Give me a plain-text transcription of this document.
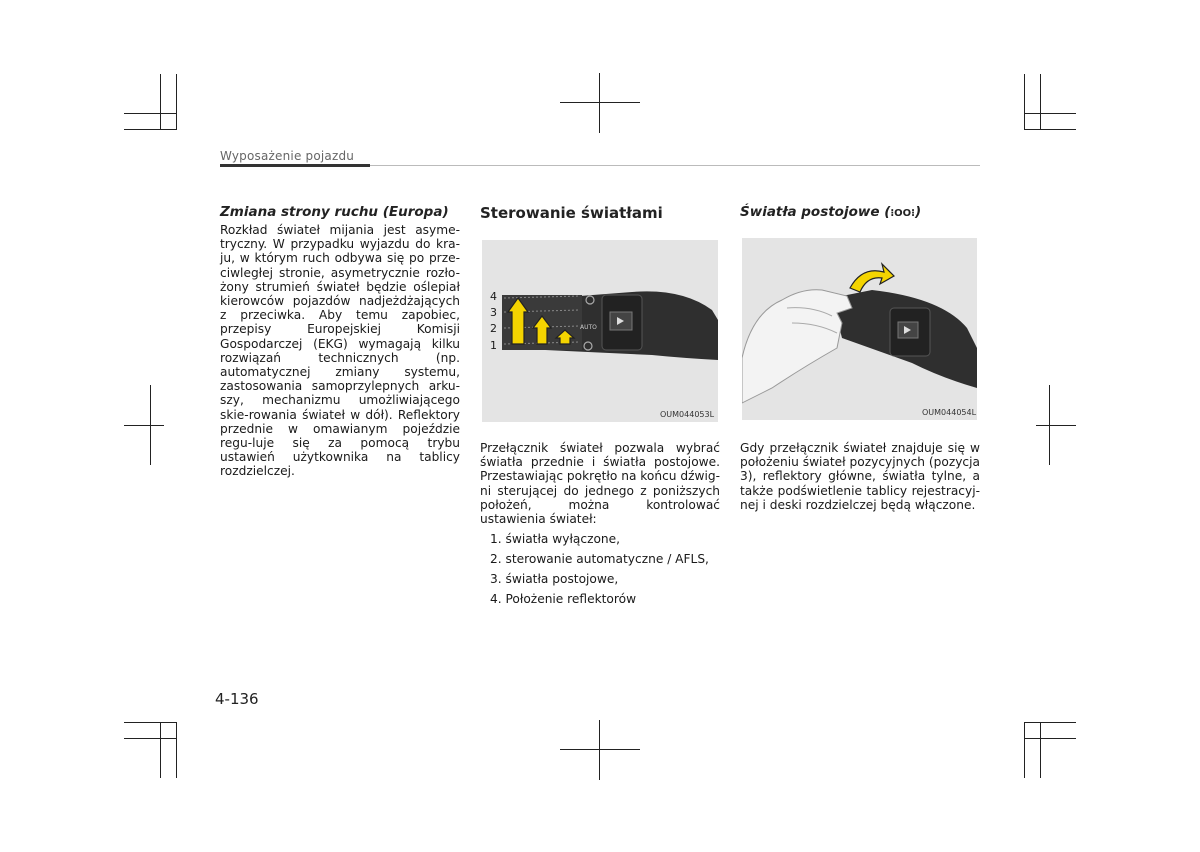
Wyposażenie pojazdu
Zmiana strony ruchu (Europa)
Rozkład świateł mijania jest asyme-tryczny. W przypadku wyjazdu do kra-ju, w którym ruch odbywa się po prze-ciwległej stronie, asymetrycznie rozło-żony strumień świateł będzie oślepiał kierowców pojazdów nadjeżdżających z przeciwka. Aby temu zapobiec, przepisy Europejskiej Komisji Gospodarczej (EKG) wymagają kilku rozwiązań technicznych (np. automatycznej zmiany systemu, zastosowania samoprzylepnych arku-szy, mechanizmu umożliwiającego skie-rowania świateł w dół). Reflektory przednie w omawianym pojeździe regu-luje się za pomocą trybu ustawień użytkownika na tablicy rozdzielczej.
Sterowanie światłami
4
3
2
1
AUTO
OUM044053L
Przełącznik świateł pozwala wybrać światła przednie i światła postojowe. Przestawiając pokrętło na końcu dźwig-ni sterującej do jednego z poniższych położeń, można kontrolować ustawienia świateł:
1. światła wyłączone,
2. sterowanie automatyczne / AFLS,
3. światła postojowe,
4. Położenie reflektorów
Światła postojowe (⁝OO⁝)
OUM044054L
Gdy przełącznik świateł znajduje się w położeniu świateł pozycyjnych (pozycja 3), reflektory główne, światła tylne, a także podświetlenie tablicy rejestracyj-nej i deski rozdzielczej będą włączone.
4-136
